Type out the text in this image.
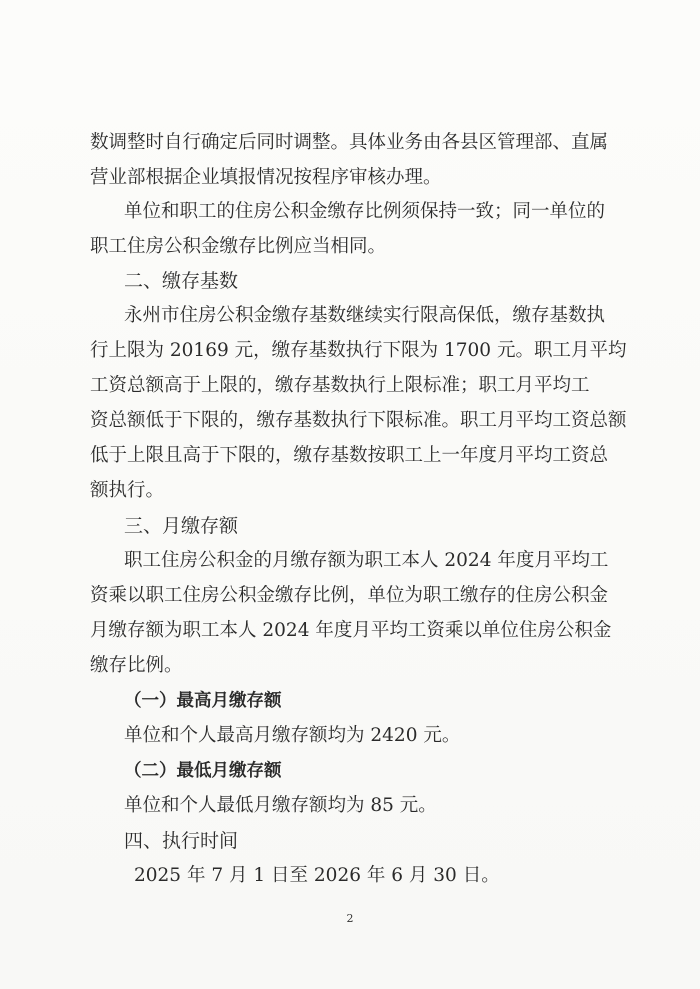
数调整时自行确定后同时调整。具体业务由各县区管理部、直属
营业部根据企业填报情况按程序审核办理。
单位和职工的住房公积金缴存比例须保持一致；同一单位的
职工住房公积金缴存比例应当相同。
二、缴存基数
永州市住房公积金缴存基数继续实行限高保低，缴存基数执
行上限为 20169 元，缴存基数执行下限为 1700 元。职工月平均
工资总额高于上限的，缴存基数执行上限标准；职工月平均工
资总额低于下限的，缴存基数执行下限标准。职工月平均工资总额
低于上限且高于下限的，缴存基数按职工上一年度月平均工资总
额执行。
三、月缴存额
职工住房公积金的月缴存额为职工本人 2024 年度月平均工
资乘以职工住房公积金缴存比例，单位为职工缴存的住房公积金
月缴存额为职工本人 2024 年度月平均工资乘以单位住房公积金
缴存比例。
（一）最高月缴存额
单位和个人最高月缴存额均为 2420 元。
（二）最低月缴存额
单位和个人最低月缴存额均为 85 元。
四、执行时间
2025 年 7 月 1 日至 2026 年 6 月 30 日。
2
